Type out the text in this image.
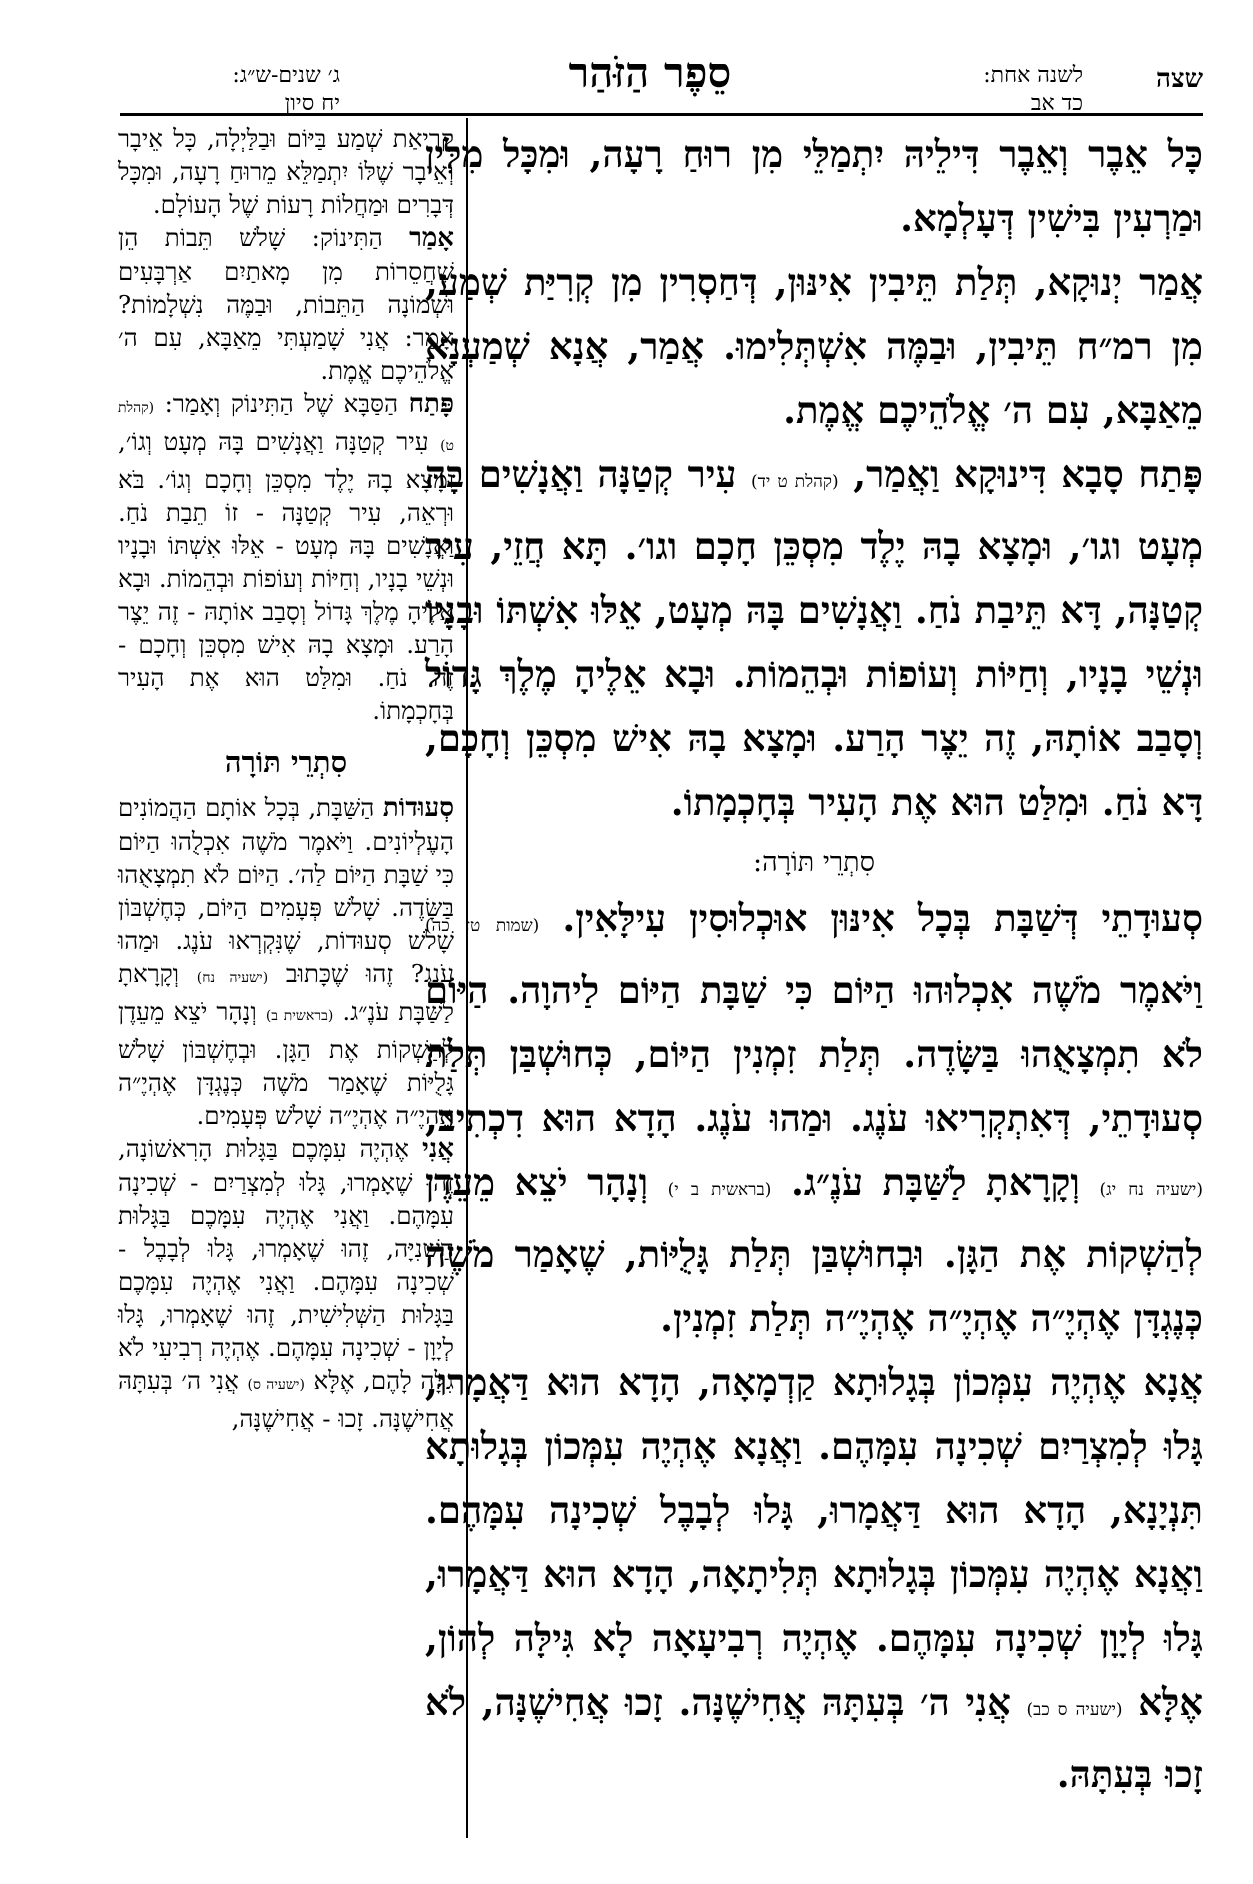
שצה
לשנה אחת:
כד אב
סֵפֶר הַזֹּהַר
ג׳ שנים-ש״ג:
יח סיון

כָּל אֵבֶר וְאֵבֶר דִּילֵיהּ יִתְמַלֵּי מִן רוּחַ רָעָה, וּמִכָּל מִלִּין וּמַרְעִין בִּישִׁין דְּעָלְמָא.

אֲמַר יְנוּקָא, תְּלַת תֵּיבִין אִינּוּן, דְּחַסְרִין מִן קְרִיַּת שְׁמַע, מִן רמ״ח תֵּיבִין, וּבַמֶּה אִשְׁתְּלִימוּ. אֲמַר, אֲנָא שְׁמַעְנָא מֵאַבָּא, עִם ה׳ אֱלֹהֵיכֶם אֱמֶת.

פָּתַח סָבָא דִּינוּקָא וַאֲמַר, (קהלת ט יד) עִיר קְטַנָּה וַאֲנָשִׁים בָּהּ מְעָט וגו׳, וּמָצָא בָהּ יֶלֶד מִסְכֵּן חָכָם וגו׳. תָּא חֲזֵי, עִיר קְטַנָּה, דָּא תֵּיבַת נֹחַ. וַאֲנָשִׁים בָּהּ מְעָט, אֵלּוּ אִשְׁתּוֹ וּבָנָיו וּנְשֵׁי בָנָיו, וְחַיּוֹת וְעוֹפוֹת וּבְהֵמוֹת. וּבָא אֵלֶיהָ מֶלֶךְ גָּדוֹל וְסָבַב אוֹתָהּ, זֶה יֵצֶר הָרַע. וּמָצָא בָהּ אִישׁ מִסְכֵּן וְחָכָם, דָּא נֹחַ. וּמִלַּט הוּא אֶת הָעִיר בְּחָכְמָתוֹ.

סִתְרֵי תּוֹרָה:

סְעוּדָתֵי דְּשַׁבָּת בְּכָל אִינּוּן אוּכְלוּסִין עִילָּאִין. (שמות טז כה) וַיֹּאמֶר מֹשֶׁה אִכְלוּהוּ הַיּוֹם כִּי שַׁבָּת הַיּוֹם לַיהוָה. הַיּוֹם לֹא תִמְצָאֻהוּ בַּשָּׂדֶה. תְּלַת זִמְנִין הַיּוֹם, כְּחוּשְׁבַּן תְּלַת סְעוּדָתֵי, דְּאִתְקְרִיאוּ עֹנֶג. וּמַהוּ עֹנֶג. הָדָא הוּא דִכְתִיב, (ישעיה נח יג) וְקָרָאתָ לַשַּׁבָּת עֹנֶ״ג. (בראשית ב י) וְנָהָר יֹצֵא מֵעֵדֶן לְהַשְׁקוֹת אֶת הַגָּן. וּבְחוּשְׁבַּן תְּלַת גָּלֻיּוֹת, שֶׁאָמַר מֹשֶׁה כְּנֶגְדָּן אֶהְיֶ״ה אֶהְיֶ״ה אֶהְיֶ״ה תְּלַת זִמְנִין.

אֲנָא אֶהְיֶה עִמְּכוֹן בְּגָלוּתָא קַדְמָאָה, הָדָא הוּא דַּאֲמָרוּ, גָּלוּ לְמִצְרַיִם שְׁכִינָה עִמָּהֶם. וַאֲנָא אֶהְיֶה עִמְּכוֹן בְּגָלוּתָא תִּנְיָנָא, הָדָא הוּא דַּאֲמָרוּ, גָּלוּ לְבָבֶל שְׁכִינָה עִמָּהֶם. וַאֲנָא אֶהְיֶה עִמְּכוֹן בְּגָלוּתָא תְּלִיתָאָה, הָדָא הוּא דַּאֲמָרוּ, גָּלוּ לְיָוָן שְׁכִינָה עִמָּהֶם. אֶהְיֶה רְבִיעָאָה לָא גִּילָּה לְהוֹן, אֶלָּא (ישעיה ס כב) אֲנִי ה׳ בְּעִתָּהּ אֲחִישֶׁנָּה. זָכוּ אֲחִישֶׁנָּה, לֹא זָכוּ בְּעִתָּהּ.

קְרִיאַת שְׁמַע בַּיּוֹם וּבַלַּיְלָה, כָּל אֵיבָר וְאֵיבָר שֶׁלּוֹ יִתְמַלֵּא מֵרוּחַ רָעָה, וּמִכָּל דְּבָרִים וּמַחֲלוֹת רָעוֹת שֶׁל הָעוֹלָם.

אָמַר הַתִּינוֹק: שָׁלֹשׁ תֵּבוֹת הֵן שֶׁחֲסֵרוֹת מִן מָאתַיִם אַרְבָּעִים וּשְׁמוֹנָה הַתֵּבוֹת, וּבַמֶּה נִשְׁלָמוֹת? אָמַר: אֲנִי שָׁמַעְתִּי מֵאַבָּא, עִם ה׳ אֱלֹהֵיכֶם אֱמֶת.

פָּתַח הַסַּבָּא שֶׁל הַתִּינוֹק וְאָמַר: (קהלת ט) עִיר קְטַנָּה וַאֲנָשִׁים בָּהּ מְעָט וְגוֹ׳, וּמָצָא בָהּ יֶלֶד מִסְכֵּן וְחָכָם וְגוֹ׳. בֹּא וּרְאֵה, עִיר קְטַנָּה - זוֹ תֵבַת נֹחַ. וַאֲנָשִׁים בָּהּ מְעָט - אֵלּוּ אִשְׁתּוֹ וּבָנָיו וּנְשֵׁי בָנָיו, וְחַיּוֹת וְעוֹפוֹת וּבְהֵמוֹת. וּבָא אֵלֶיהָ מֶלֶךְ גָּדוֹל וְסָבַב אוֹתָהּ - זֶה יֵצֶר הָרַע. וּמָצָא בָהּ אִישׁ מִסְכֵּן וְחָכָם - זֶה נֹחַ. וּמִלַּט הוּא אֶת הָעִיר בְּחָכְמָתוֹ.

סִתְרֵי תּוֹרָה

סְעוּדוֹת הַשַּׁבָּת, בְּכָל אוֹתָם הַהֲמוֹנִים הָעֶלְיוֹנִים. וַיֹּאמֶר מֹשֶׁה אִכְלֻהוּ הַיּוֹם כִּי שַׁבָּת הַיּוֹם לַה׳. הַיּוֹם לֹא תִמְצָאֻהוּ בַּשָּׂדֶה. שָׁלֹשׁ פְּעָמִים הַיּוֹם, כְּחֶשְׁבּוֹן שָׁלֹשׁ סְעוּדוֹת, שֶׁנִּקְרְאוּ עֹנֶג. וּמַהוּ עֹנֶג? זֶהוּ שֶׁכָּתוּב (ישעיה נח) וְקָרָאתָ לַשַּׁבָּת עֹנֶ״ג. (בראשית ב) וְנָהָר יֹצֵא מֵעֵדֶן לְהַשְׁקוֹת אֶת הַגָּן. וּבְחֶשְׁבּוֹן שָׁלֹשׁ גָּלֻיּוֹת שֶׁאָמַר מֹשֶׁה כְּנֶגְדָּן אֶהְיֶ״ה אֶהְיֶ״ה אֶהְיֶ״ה שָׁלֹשׁ פְּעָמִים.

אֲנִי אֶהְיֶה עִמָּכֶם בַּגָּלוּת הָרִאשׁוֹנָה, זֶהוּ שֶׁאָמְרוּ, גָּלוּ לְמִצְרַיִם - שְׁכִינָה עִמָּהֶם. וַאֲנִי אֶהְיֶה עִמָּכֶם בַּגָּלוּת הַשְּׁנִיָּה, זֶהוּ שֶׁאָמְרוּ, גָּלוּ לְבָבֶל - שְׁכִינָה עִמָּהֶם. וַאֲנִי אֶהְיֶה עִמָּכֶם בַּגָּלוּת הַשְּׁלִישִׁית, זֶהוּ שֶׁאָמְרוּ, גָּלוּ לְיָוָן - שְׁכִינָה עִמָּהֶם. אֶהְיֶה רְבִיעִי לֹא גִלָּה לָהֶם, אֶלָּא (ישעיה ס) אֲנִי ה׳ בְּעִתָּהּ אֲחִישֶׁנָּה. זָכוּ - אֲחִישֶׁנָּה,
